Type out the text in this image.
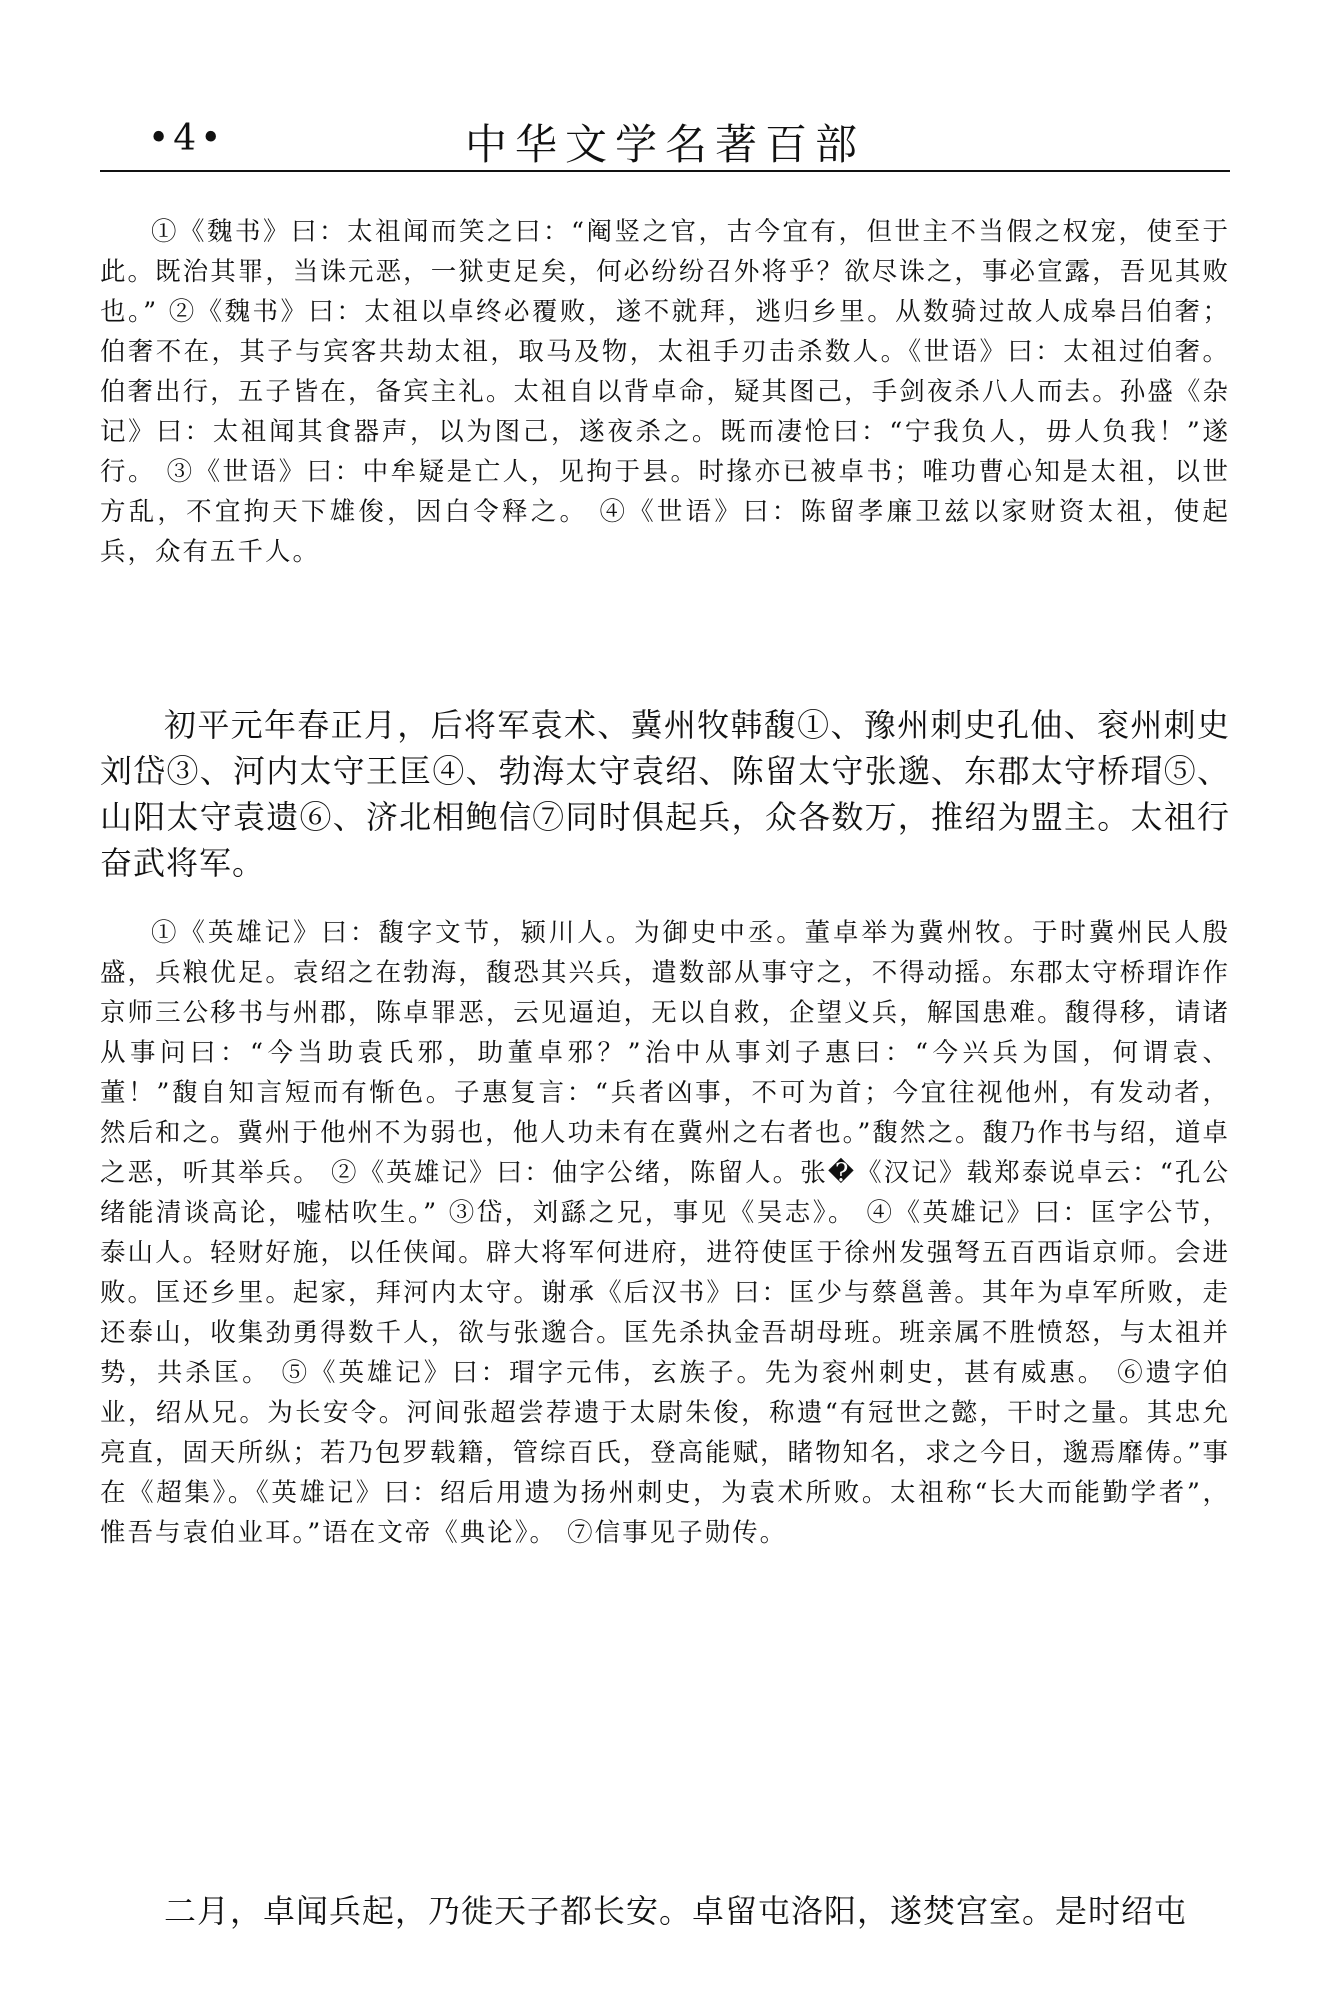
•4•	中华文学名著百部

①《魏书》曰：太祖闻而笑之曰：“阉竖之官，古今宜有，但世主不当假之权宠，使至于此。既治其罪，当诛元恶，一狱吏足矣，何必纷纷召外将乎？欲尽诛之，事必宣露，吾见其败也。” ②《魏书》曰：太祖以卓终必覆败，遂不就拜，逃归乡里。从数骑过故人成皋吕伯奢；伯奢不在，其子与宾客共劫太祖，取马及物，太祖手刃击杀数人。《世语》曰：太祖过伯奢。伯奢出行，五子皆在，备宾主礼。太祖自以背卓命，疑其图己，手剑夜杀八人而去。孙盛《杂记》曰：太祖闻其食器声，以为图己，遂夜杀之。既而凄怆曰：“宁我负人，毋人负我！”遂行。 ③《世语》曰：中牟疑是亡人，见拘于县。时掾亦已被卓书；唯功曹心知是太祖，以世方乱，不宜拘天下雄俊，因白令释之。 ④《世语》曰：陈留孝廉卫兹以家财资太祖，使起兵，众有五千人。

初平元年春正月，后将军袁术、冀州牧韩馥①、豫州刺史孔伷、衮州刺史刘岱③、河内太守王匡④、勃海太守袁绍、陈留太守张邈、东郡太守桥瑁⑤、山阳太守袁遗⑥、济北相鲍信⑦同时俱起兵，众各数万，推绍为盟主。太祖行奋武将军。

①《英雄记》曰：馥字文节，颍川人。为御史中丞。董卓举为冀州牧。于时冀州民人殷盛，兵粮优足。袁绍之在勃海，馥恐其兴兵，遣数部从事守之，不得动摇。东郡太守桥瑁诈作京师三公移书与州郡，陈卓罪恶，云见逼迫，无以自救，企望义兵，解国患难。馥得移，请诸从事问曰：“今当助袁氏邪，助董卓邪？”治中从事刘子惠曰：“今兴兵为国，何谓袁、董！”馥自知言短而有惭色。子惠复言：“兵者凶事，不可为首；今宜往视他州，有发动者，然后和之。冀州于他州不为弱也，他人功未有在冀州之右者也。”馥然之。馥乃作书与绍，道卓之恶，听其举兵。 ②《英雄记》曰：伷字公绪，陈留人。张�《汉记》载郑泰说卓云：“孔公绪能清谈高论，嘘枯吹生。” ③岱，刘繇之兄，事见《吴志》。 ④《英雄记》曰：匡字公节，泰山人。轻财好施，以任侠闻。辟大将军何进府，进符使匡于徐州发强弩五百西诣京师。会进败。匡还乡里。起家，拜河内太守。谢承《后汉书》曰：匡少与蔡邕善。其年为卓军所败，走还泰山，收集劲勇得数千人，欲与张邈合。匡先杀执金吾胡母班。班亲属不胜愤怒，与太祖并势，共杀匡。 ⑤《英雄记》曰：瑁字元伟，玄族子。先为衮州刺史，甚有威惠。 ⑥遗字伯业，绍从兄。为长安令。河间张超尝荐遗于太尉朱俊，称遗“有冠世之懿，干时之量。其忠允亮直，固天所纵；若乃包罗载籍，管综百氏，登高能赋，睹物知名，求之今日，邈焉靡俦。”事在《超集》。《英雄记》曰：绍后用遗为扬州刺史，为袁术所败。太祖称“长大而能勤学者”，惟吾与袁伯业耳。”语在文帝《典论》。 ⑦信事见子勋传。

二月，卓闻兵起，乃徙天子都长安。卓留屯洛阳，遂焚宫室。是时绍屯
